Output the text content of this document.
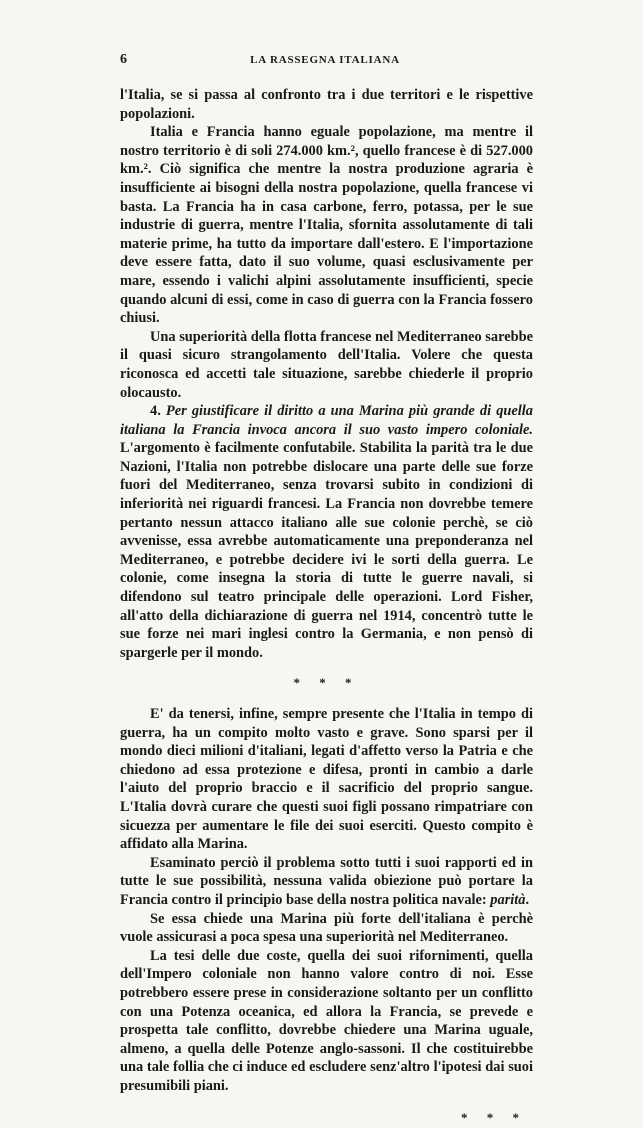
6	LA RASSEGNA ITALIANA

l'Italia, se si passa al confronto tra i due territori e le rispettive popolazioni.

Italia e Francia hanno eguale popolazione, ma mentre il nostro territorio è di soli 274.000 km.², quello francese è di 527.000 km.². Ciò significa che mentre la nostra produzione agraria è insufficiente ai bisogni della nostra popolazione, quella francese vi basta. La Francia ha in casa carbone, ferro, potassa, per le sue industrie di guerra, mentre l'Italia, sfornita assolutamente di tali materie prime, ha tutto da importare dall'estero. E l'importazione deve essere fatta, dato il suo volume, quasi esclusivamente per mare, essendo i valichi alpini assolutamente insufficienti, specie quando alcuni di essi, come in caso di guerra con la Francia fossero chiusi.

Una superiorità della flotta francese nel Mediterraneo sarebbe il quasi sicuro strangolamento dell'Italia. Volere che questa riconosca ed accetti tale situazione, sarebbe chiederle il proprio olocausto.

4. Per giustificare il diritto a una Marina più grande di quella italiana la Francia invoca ancora il suo vasto impero coloniale. L'argomento è facilmente confutabile. Stabilita la parità tra le due Nazioni, l'Italia non potrebbe dislocare una parte delle sue forze fuori del Mediterraneo, senza trovarsi subito in condizioni di inferiorità nei riguardi francesi. La Francia non dovrebbe temere pertanto nessun attacco italiano alle sue colonie perchè, se ciò avvenisse, essa avrebbe automaticamente una preponderanza nel Mediterraneo, e potrebbe decidere ivi le sorti della guerra. Le colonie, come insegna la storia di tutte le guerre navali, si difendono sul teatro principale delle operazioni. Lord Fisher, all'atto della dichiarazione di guerra nel 1914, concentrò tutte le sue forze nei mari inglesi contro la Germania, e non pensò di spargerle per il mondo.

* * *

E' da tenersi, infine, sempre presente che l'Italia in tempo di guerra, ha un compito molto vasto e grave. Sono sparsi per il mondo dieci milioni d'italiani, legati d'affetto verso la Patria e che chiedono ad essa protezione e difesa, pronti in cambio a darle l'aiuto del proprio braccio e il sacrificio del proprio sangue. L'Italia dovrà curare che questi suoi figli possano rimpatriare con sicuezza per aumentare le file dei suoi eserciti. Questo compito è affidato alla Marina.

Esaminato perciò il problema sotto tutti i suoi rapporti ed in tutte le sue possibilità, nessuna valida obiezione può portare la Francia contro il principio base della nostra politica navale: parità.

Se essa chiede una Marina più forte dell'italiana è perchè vuole assicurasi a poca spesa una superiorità nel Mediterraneo.

La tesi delle due coste, quella dei suoi rifornimenti, quella dell'Impero coloniale non hanno valore contro di noi. Esse potrebbero essere prese in considerazione soltanto per un conflitto con una Potenza oceanica, ed allora la Francia, se prevede e prospetta tale conflitto, dovrebbe chiedere una Marina uguale, almeno, a quella delle Potenze anglo-sassoni. Il che costituirebbe una tale follia che ci induce ed escludere senz'altro l'ipotesi dai suoi presumibili piani.

* * *
